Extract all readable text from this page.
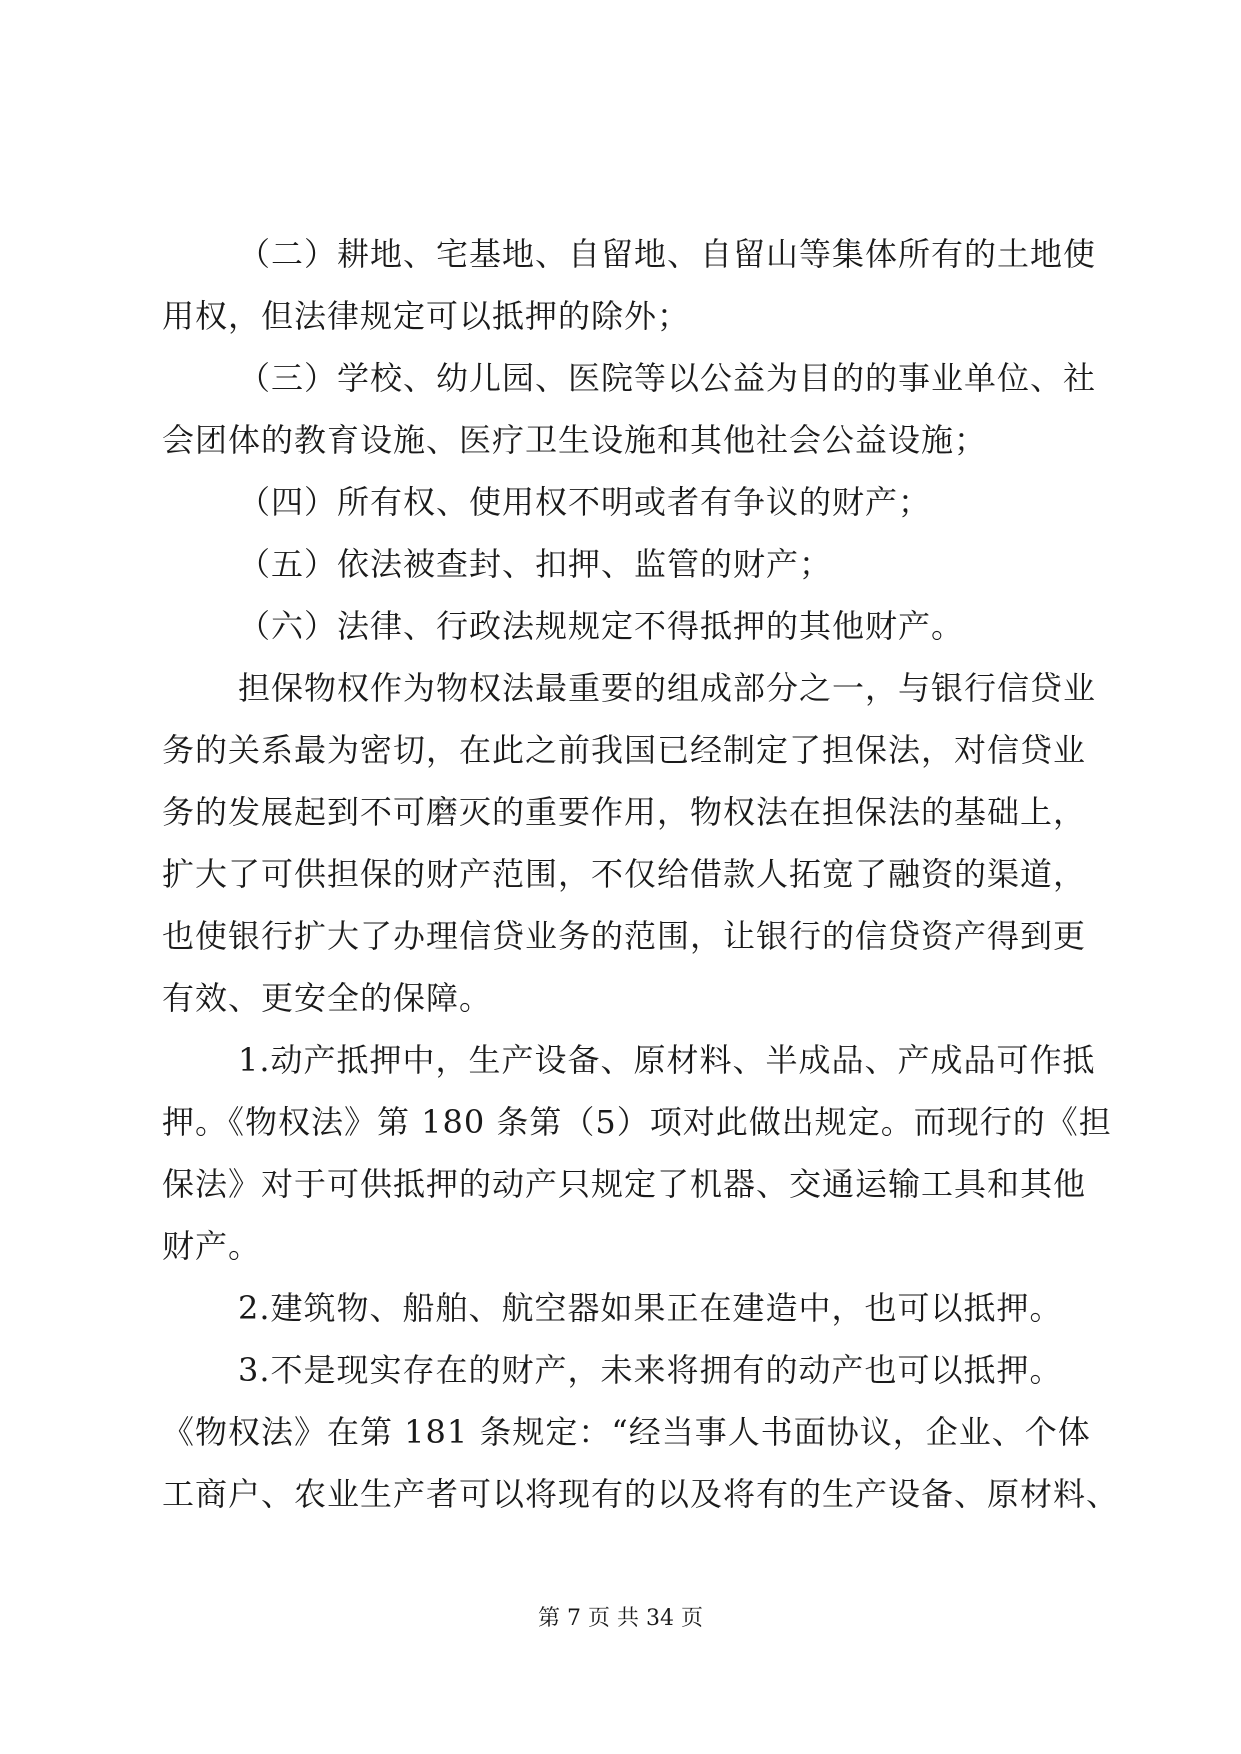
（二）耕地、宅基地、自留地、自留山等集体所有的土地使
用权，但法律规定可以抵押的除外；
（三）学校、幼儿园、医院等以公益为目的的事业单位、社
会团体的教育设施、医疗卫生设施和其他社会公益设施；
（四）所有权、使用权不明或者有争议的财产；
（五）依法被查封、扣押、监管的财产；
（六）法律、行政法规规定不得抵押的其他财产。
担保物权作为物权法最重要的组成部分之一，与银行信贷业
务的关系最为密切，在此之前我国已经制定了担保法，对信贷业
务的发展起到不可磨灭的重要作用，物权法在担保法的基础上，
扩大了可供担保的财产范围，不仅给借款人拓宽了融资的渠道，
也使银行扩大了办理信贷业务的范围，让银行的信贷资产得到更
有效、更安全的保障。
1.动产抵押中，生产设备、原材料、半成品、产成品可作抵
押。《物权法》第 180 条第（5）项对此做出规定。而现行的《担
保法》对于可供抵押的动产只规定了机器、交通运输工具和其他
财产。
2.建筑物、船舶、航空器如果正在建造中，也可以抵押。
3.不是现实存在的财产，未来将拥有的动产也可以抵押。
《物权法》在第 181 条规定：“经当事人书面协议，企业、个体
工商户、农业生产者可以将现有的以及将有的生产设备、原材料、
第 7 页 共 34 页
